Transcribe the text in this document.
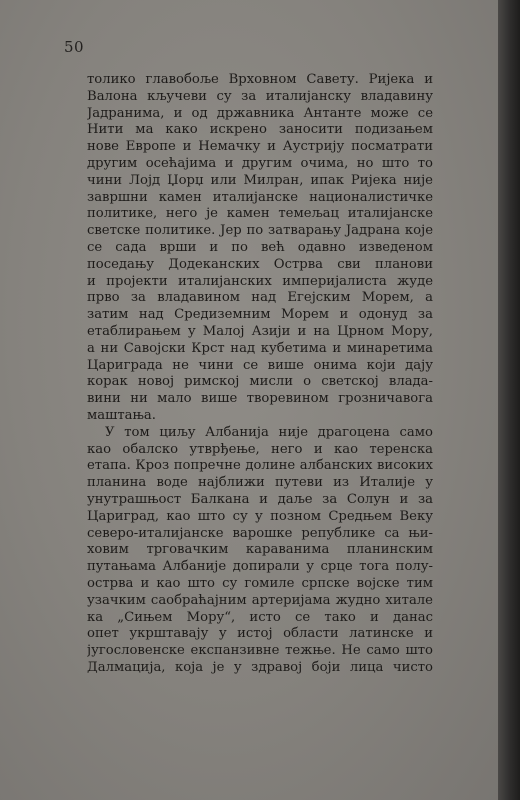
50
толико главобоље Врховном Савету. Ријека и
Валона кључеви су за италијанску владавину
Јадранима, и од државника Антанте може се
Нити ма како искрено заносити подизањем
нове Европе и Немачку и Аустрију посматрати
другим осећајима и другим очима, но што то
чини Лојд Џорџ или Милран, ипак Ријека није
завршни камен италијанске националистичке
политике, него је камен темељац италијанске
светске политике. Јер по затварању Јадрана које
се сада врши и по већ одавно изведеном
поседању Додеканских Острва сви планови
и пројекти италијанских империјалиста жуде
прво за владавином над Егејским Морем, а
затим над Средиземним Морем и одонуд за
етаблирањем у Малој Азији и на Црном Мору,
а ни Савојски Крст над кубетима и минаретима
Цариграда не чини се више онима који дају
корак новој римској мисли о светској влада-
вини ни мало више творевином грозничавога
маштања.
У том циљу Албанија није драгоцена само
као обалско утврђење, него и као теренска
етапа. Кроз попречне долине албанских високих
планина воде најближи путеви из Италије у
унутрашњост Балкана и даље за Солун и за
Цариград, као што су у позном Средњем Веку
северо-италијанске варошке републике са њи-
ховим трговачким караванима планинским
путањама Албаније допирали у срце тога полу-
острва и као што су гомиле српске војске тим
узачким саобраћајним артеријама жудно хитале
ка „Сињем Мору“, исто се тако и данас
опет укрштавају у истој области латинске и
југословенске експанзивне тежње. Не само што
Далмација, која је у здравој боји лица чисто
